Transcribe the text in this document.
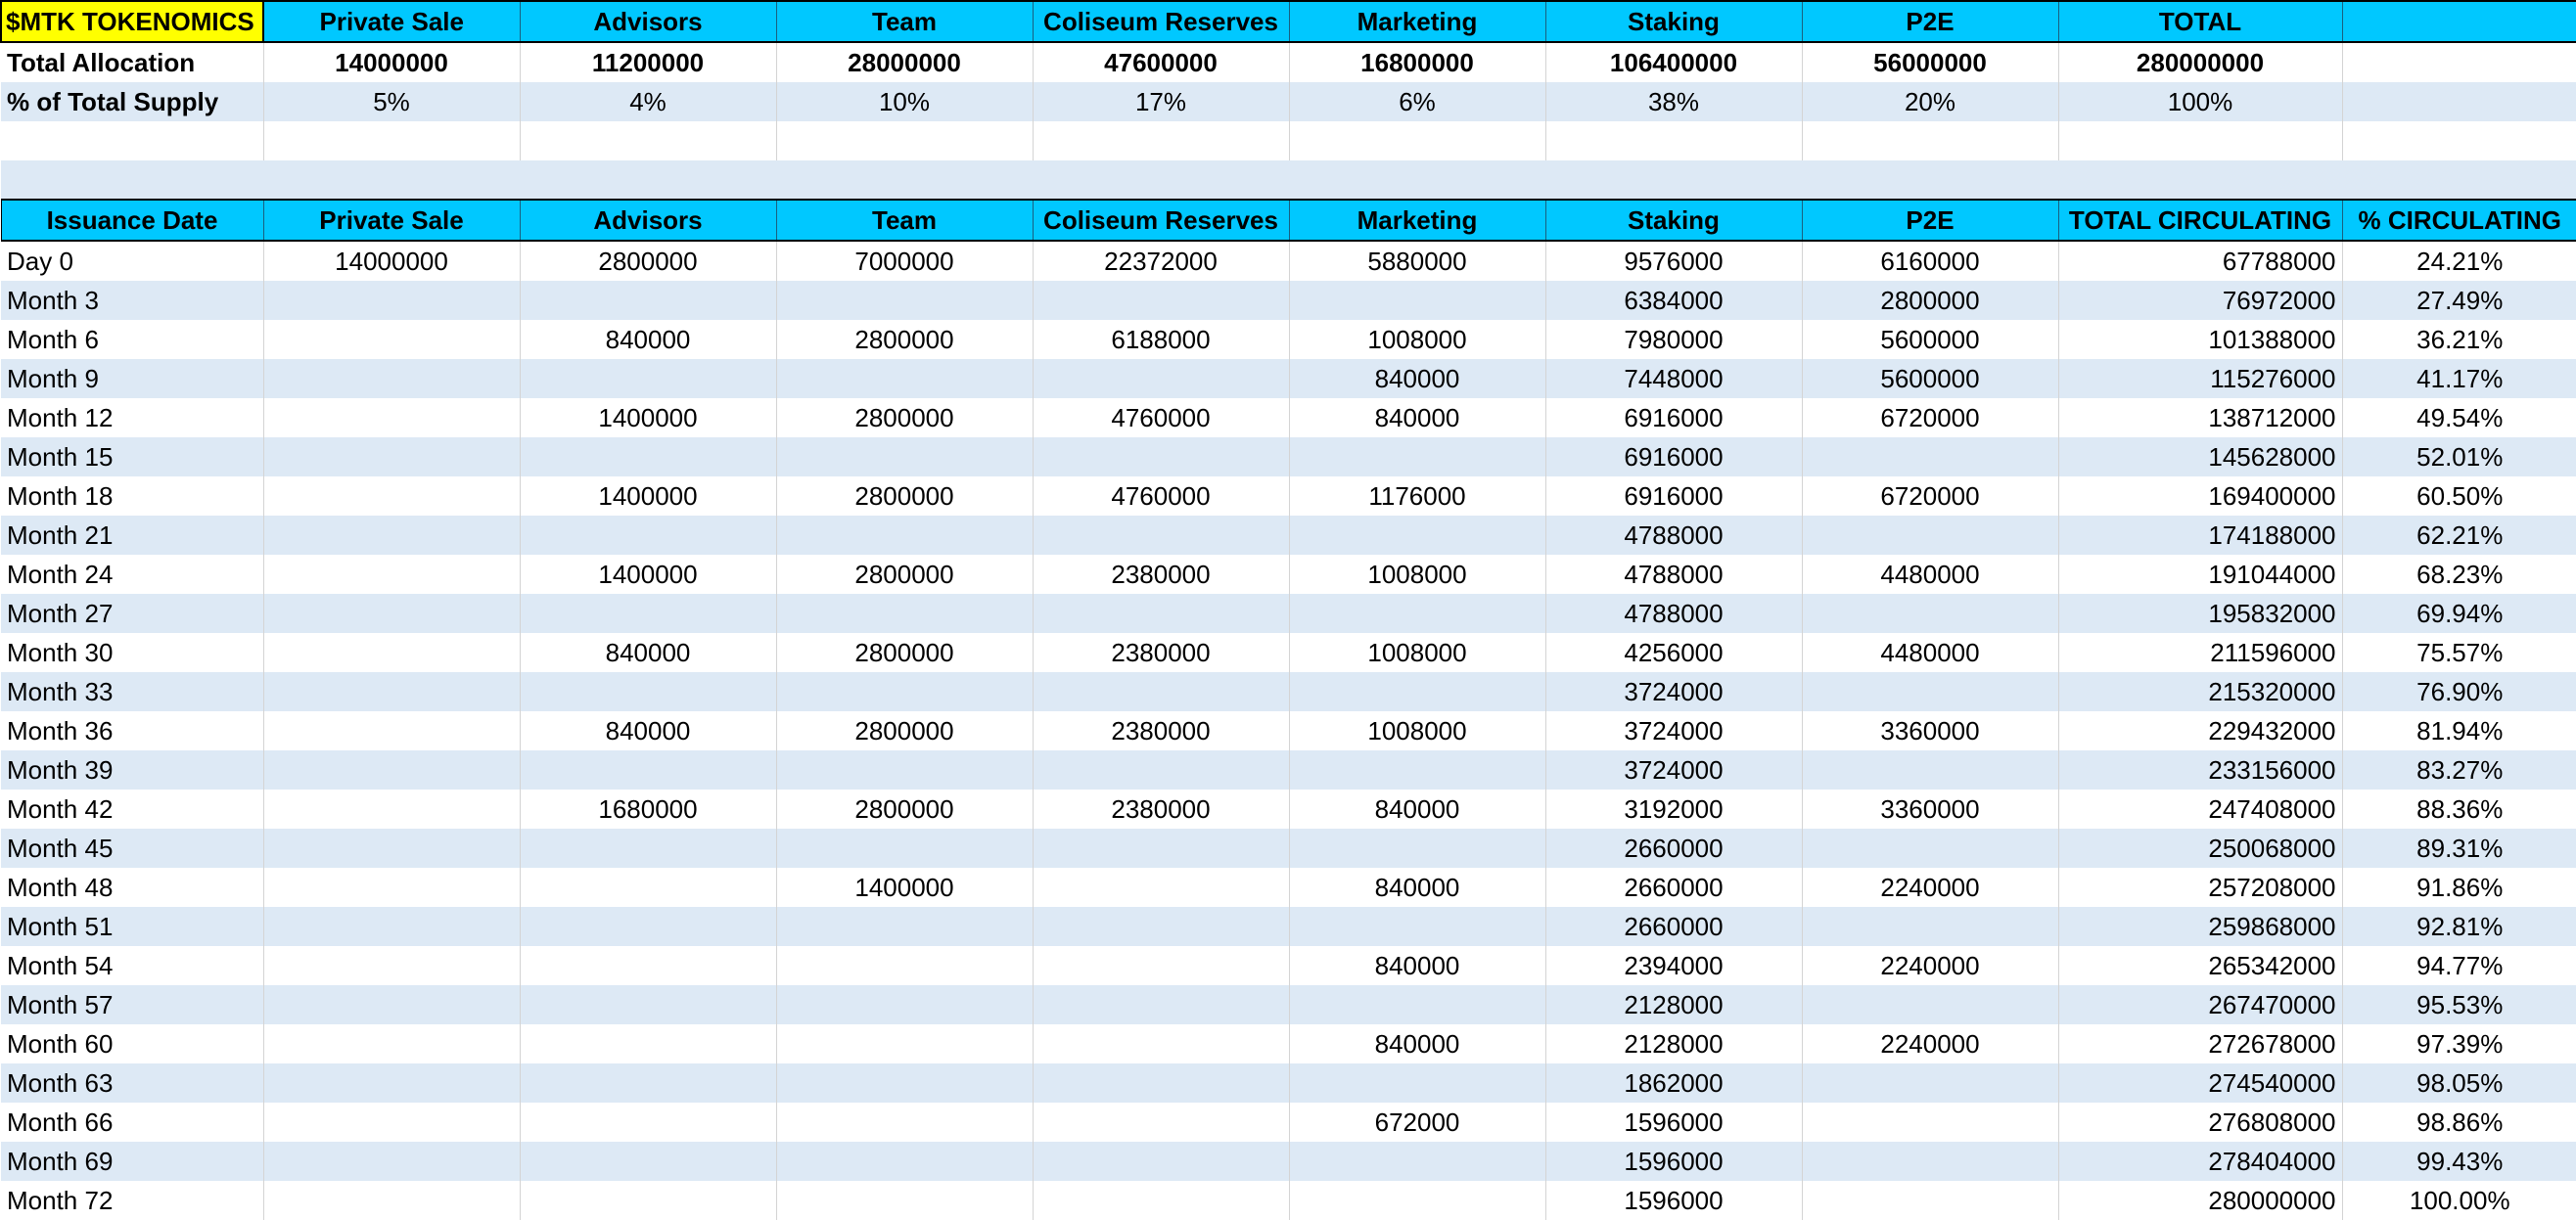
$MTK TOKENOMICS	Private Sale	Advisors	Team	Coliseum Reserves	Marketing	Staking	P2E	TOTAL	
Total Allocation	14000000	11200000	28000000	47600000	16800000	106400000	56000000	280000000	
% of Total Supply	5%	4%	10%	17%	6%	38%	20%	100%	

Issuance Date	Private Sale	Advisors	Team	Coliseum Reserves	Marketing	Staking	P2E	TOTAL CIRCULATING	% CIRCULATING
Day 0	14000000	2800000	7000000	22372000	5880000	9576000	6160000	67788000	24.21%
Month 3						6384000	2800000	76972000	27.49%
Month 6		840000	2800000	6188000	1008000	7980000	5600000	101388000	36.21%
Month 9					840000	7448000	5600000	115276000	41.17%
Month 12		1400000	2800000	4760000	840000	6916000	6720000	138712000	49.54%
Month 15						6916000		145628000	52.01%
Month 18		1400000	2800000	4760000	1176000	6916000	6720000	169400000	60.50%
Month 21						4788000		174188000	62.21%
Month 24		1400000	2800000	2380000	1008000	4788000	4480000	191044000	68.23%
Month 27						4788000		195832000	69.94%
Month 30		840000	2800000	2380000	1008000	4256000	4480000	211596000	75.57%
Month 33						3724000		215320000	76.90%
Month 36		840000	2800000	2380000	1008000	3724000	3360000	229432000	81.94%
Month 39						3724000		233156000	83.27%
Month 42		1680000	2800000	2380000	840000	3192000	3360000	247408000	88.36%
Month 45						2660000		250068000	89.31%
Month 48			1400000		840000	2660000	2240000	257208000	91.86%
Month 51						2660000		259868000	92.81%
Month 54					840000	2394000	2240000	265342000	94.77%
Month 57						2128000		267470000	95.53%
Month 60					840000	2128000	2240000	272678000	97.39%
Month 63						1862000		274540000	98.05%
Month 66					672000	1596000		276808000	98.86%
Month 69						1596000		278404000	99.43%
Month 72						1596000		280000000	100.00%
